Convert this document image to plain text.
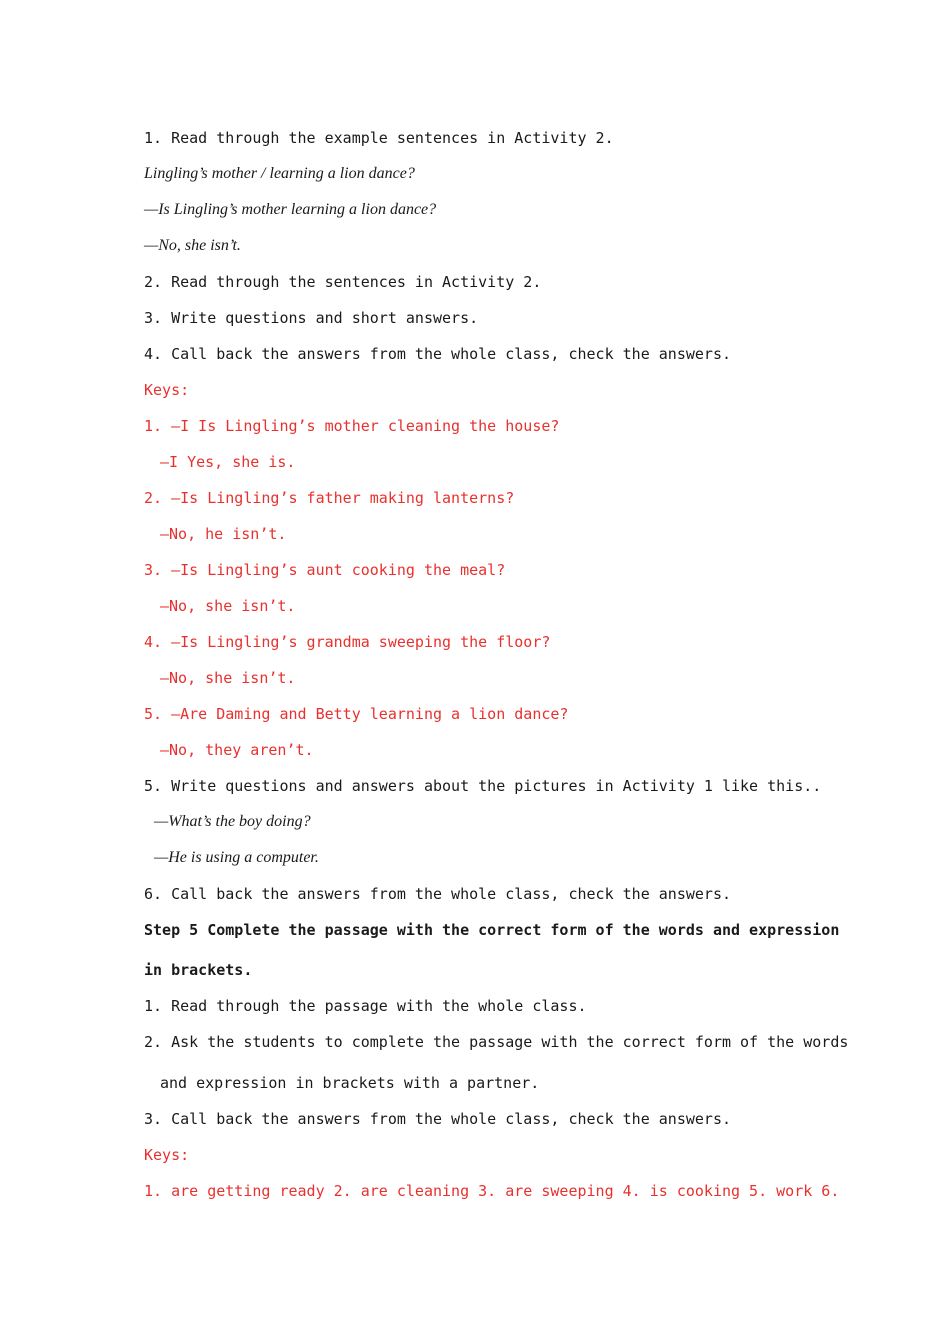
1. Read through the example sentences in Activity 2.
Lingling’s mother / learning a lion dance?
—Is Lingling’s mother learning a lion dance?
—No, she isn’t.
2. Read through the sentences in Activity 2.
3. Write questions and short answers.
4. Call back the answers from the whole class, check the answers.
Keys:
1. —I Is Lingling’s mother cleaning the house?
—I Yes, she is.
2. —Is Lingling’s father making lanterns?
—No, he isn’t.
3. —Is Lingling’s aunt cooking the meal?
—No, she isn’t.
4. —Is Lingling’s grandma sweeping the floor?
—No, she isn’t.
5. —Are Daming and Betty learning a lion dance?
—No, they aren’t.
5. Write questions and answers about the pictures in Activity 1 like this..
—What’s the boy doing?
—He is using a computer.
6. Call back the answers from the whole class, check the answers.
Step 5 Complete the passage with the correct form of the words and expression
in brackets.
1. Read through the passage with the whole class.
2. Ask the students to complete the passage with the correct form of the words
and expression in brackets with a partner.
3. Call back the answers from the whole class, check the answers.
Keys:
1. are getting ready 2. are cleaning 3. are sweeping 4. is cooking 5. work 6.
